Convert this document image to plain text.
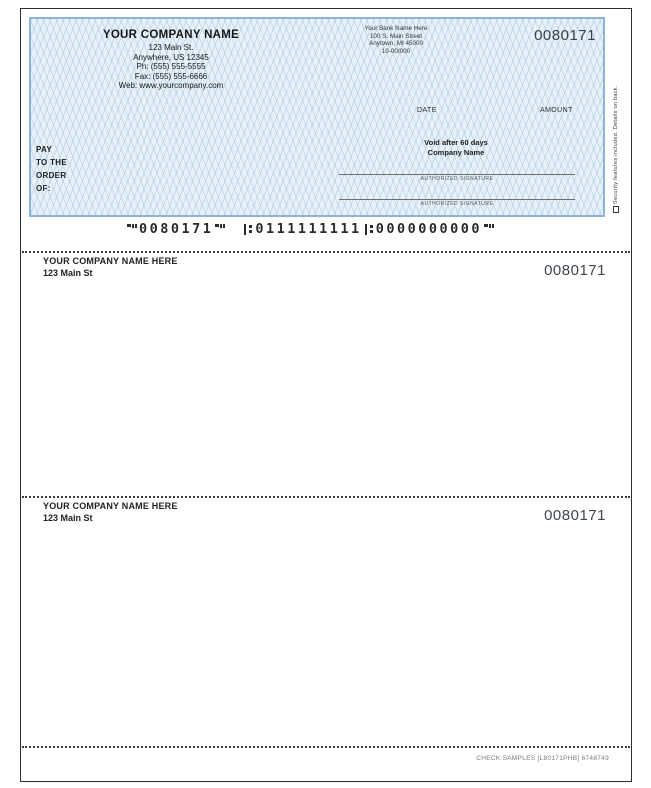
YOUR COMPANY NAME
123 Main St.
Anywhere, US 12345
Ph: (555) 555-5555
Fax: (555) 555-6666
Web: www.yourcompany.com
Your Bank Name Here
100 S. Main Street
Anytown, MI 45000
10-00/000
0080171
DATE	AMOUNT
Void after 60 days
Company Name
PAY
TO THE
ORDER
OF:
AUTHORIZED SIGNATURE
AUTHORIZED SIGNATURE	Security features included. Details on back.
0080171	0111111111 0000000000
YOUR COMPANY NAME HERE
123 Main St	0080171
YOUR COMPANY NAME HERE
123 Main St	0080171
CHECK SAMPLES [L80171PHB] 6748749
